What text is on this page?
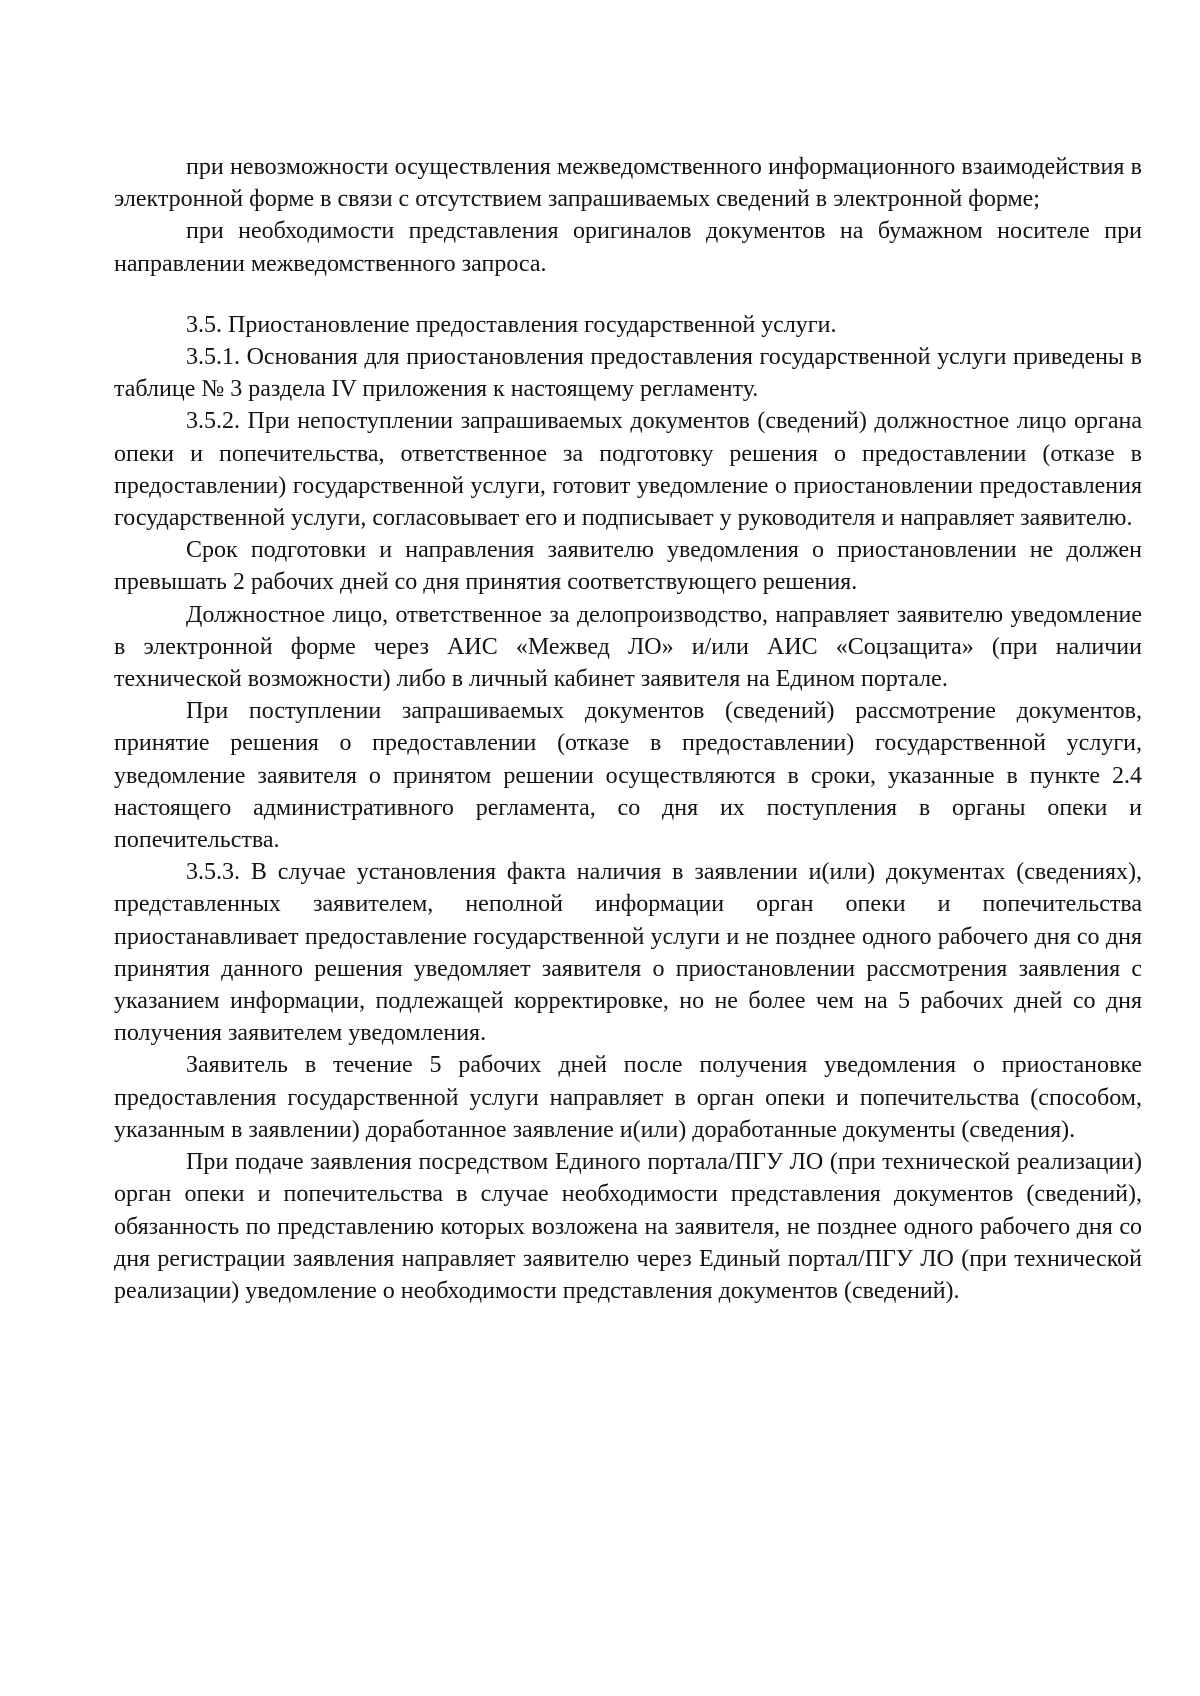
при невозможности осуществления межведомственного информационного взаимодействия в электронной форме в связи с отсутствием запрашиваемых сведений в электронной форме;

при необходимости представления оригиналов документов на бумажном носителе при направлении межведомственного запроса.

3.5. Приостановление предоставления государственной услуги.

3.5.1. Основания для приостановления предоставления государственной услуги приведены в таблице № 3 раздела IV приложения к настоящему регламенту.

3.5.2. При непоступлении запрашиваемых документов (сведений) должностное лицо органа опеки и попечительства, ответственное за подготовку решения о предоставлении (отказе в предоставлении) государственной услуги, готовит уведомление о приостановлении предоставления государственной услуги, согласовывает его и подписывает у руководителя и направляет заявителю.

Срок подготовки и направления заявителю уведомления о приостановлении не должен превышать 2 рабочих дней со дня принятия соответствующего решения.

Должностное лицо, ответственное за делопроизводство, направляет заявителю уведомление в электронной форме через АИС «Межвед ЛО» и/или АИС «Соцзащита» (при наличии технической возможности) либо в личный кабинет заявителя на Едином портале.

При поступлении запрашиваемых документов (сведений) рассмотрение документов, принятие решения о предоставлении (отказе в предоставлении) государственной услуги, уведомление заявителя о принятом решении осуществляются в сроки, указанные в пункте 2.4 настоящего административного регламента, со дня их поступления в органы опеки и попечительства.

3.5.3. В случае установления факта наличия в заявлении и(или) документах (сведениях), представленных заявителем, неполной информации орган опеки и попечительства приостанавливает предоставление государственной услуги и не позднее одного рабочего дня со дня принятия данного решения уведомляет заявителя о приостановлении рассмотрения заявления с указанием информации, подлежащей корректировке, но не более чем на 5 рабочих дней со дня получения заявителем уведомления.

Заявитель в течение 5 рабочих дней после получения уведомления о приостановке предоставления государственной услуги направляет в орган опеки и попечительства (способом, указанным в заявлении) доработанное заявление и(или) доработанные документы (сведения).

При подаче заявления посредством Единого портала/ПГУ ЛО (при технической реализации) орган опеки и попечительства в случае необходимости представления документов (сведений), обязанность по представлению которых возложена на заявителя, не позднее одного рабочего дня со дня регистрации заявления направляет заявителю через Единый портал/ПГУ ЛО (при технической реализации) уведомление о необходимости представления документов (сведений).
